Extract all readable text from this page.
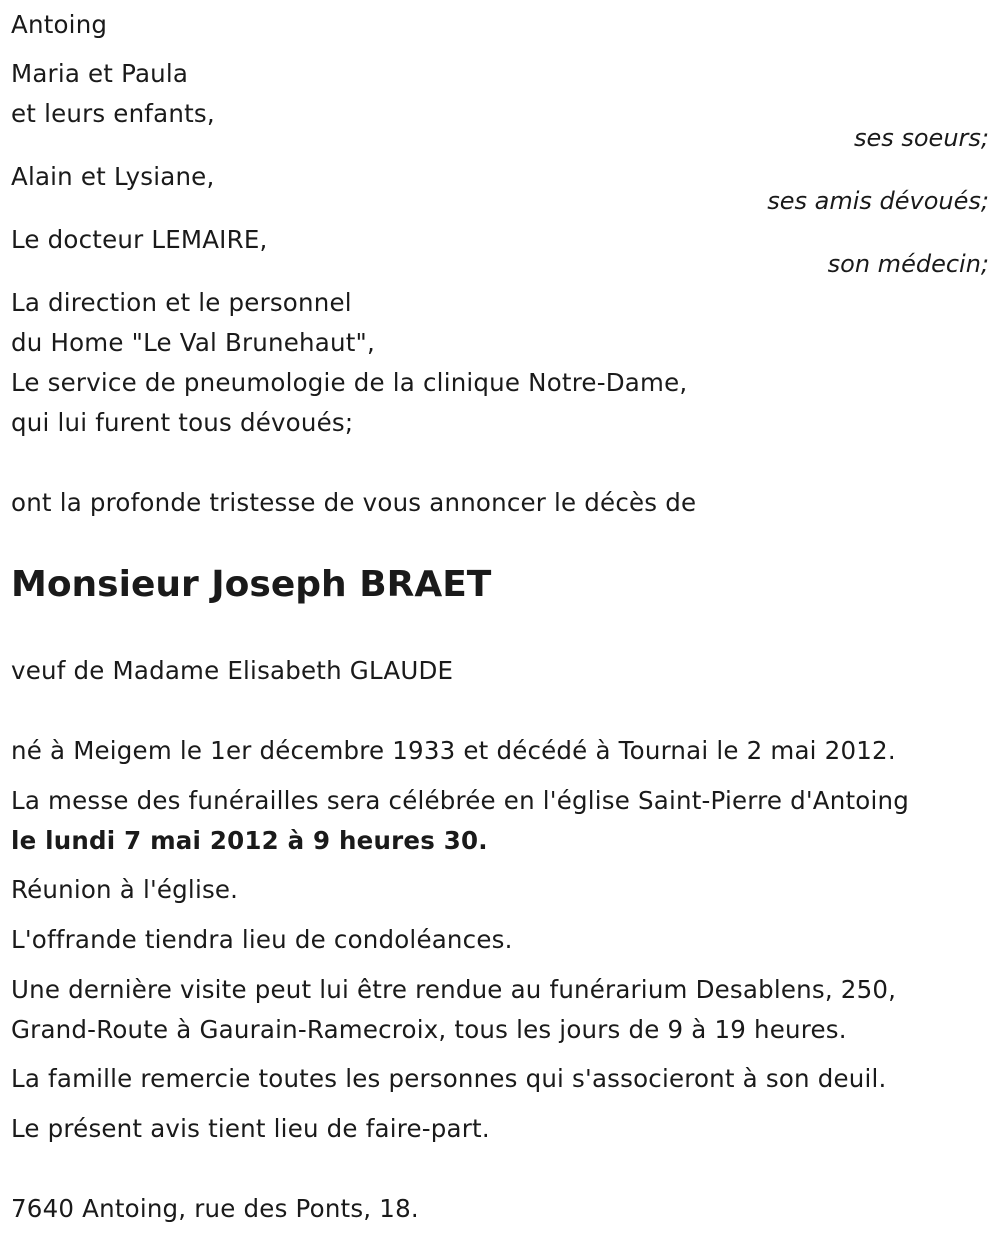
Antoing
Maria et Paula
et leurs enfants,
ses soeurs;
Alain et Lysiane,
ses amis dévoués;
Le docteur LEMAIRE,
son médecin;
La direction et le personnel
du Home "Le Val Brunehaut",
Le service de pneumologie de la clinique Notre-Dame,
qui lui furent tous dévoués;
ont la profonde tristesse de vous annoncer le décès de
Monsieur Joseph BRAET
veuf de Madame Elisabeth GLAUDE
né à Meigem le 1er décembre 1933 et décédé à Tournai le 2 mai 2012.
La messe des funérailles sera célébrée en l'église Saint-Pierre d'Antoing
le lundi 7 mai 2012 à 9 heures 30.
Réunion à l'église.
L'offrande tiendra lieu de condoléances.
Une dernière visite peut lui être rendue au funérarium Desablens, 250,
Grand-Route à Gaurain-Ramecroix, tous les jours de 9 à 19 heures.
La famille remercie toutes les personnes qui s'associeront à son deuil.
Le présent avis tient lieu de faire-part.
7640 Antoing, rue des Ponts, 18.
